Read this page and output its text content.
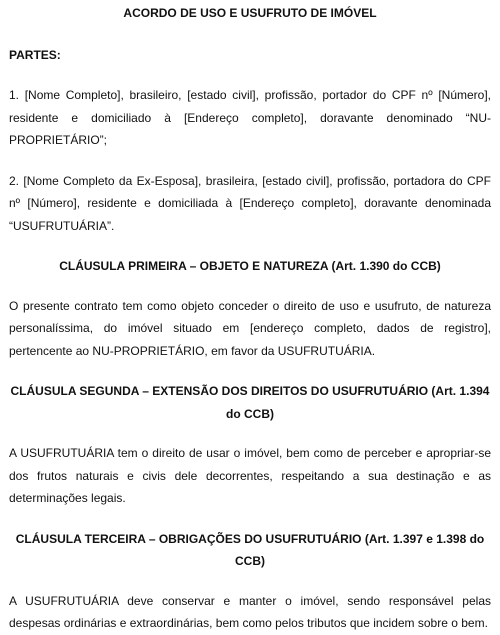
ACORDO DE USO E USUFRUTO DE IMÓVEL
PARTES:
1. [Nome Completo], brasileiro, [estado civil], profissão, portador do CPF nº [Número], residente e domiciliado à [Endereço completo], doravante denominado “NU-PROPRIETÁRIO”;
2. [Nome Completo da Ex-Esposa], brasileira, [estado civil], profissão, portadora do CPF nº [Número], residente e domiciliada à [Endereço completo], doravante denominada “USUFRUTUÁRIA”.
CLÁUSULA PRIMEIRA – OBJETO E NATUREZA (Art. 1.390 do CCB)
O presente contrato tem como objeto conceder o direito de uso e usufruto, de natureza personalíssima, do imóvel situado em [endereço completo, dados de registro], pertencente ao NU-PROPRIETÁRIO, em favor da USUFRUTUÁRIA.
CLÁUSULA SEGUNDA – EXTENSÃO DOS DIREITOS DO USUFRUTUÁRIO (Art. 1.394 do CCB)
A USUFRUTUÁRIA tem o direito de usar o imóvel, bem como de perceber e apropriar-se dos frutos naturais e civis dele decorrentes, respeitando a sua destinação e as determinações legais.
CLÁUSULA TERCEIRA – OBRIGAÇÕES DO USUFRUTUÁRIO (Art. 1.397 e 1.398 do CCB)
A USUFRUTUÁRIA deve conservar e manter o imóvel, sendo responsável pelas despesas ordinárias e extraordinárias, bem como pelos tributos que incidem sobre o bem.
